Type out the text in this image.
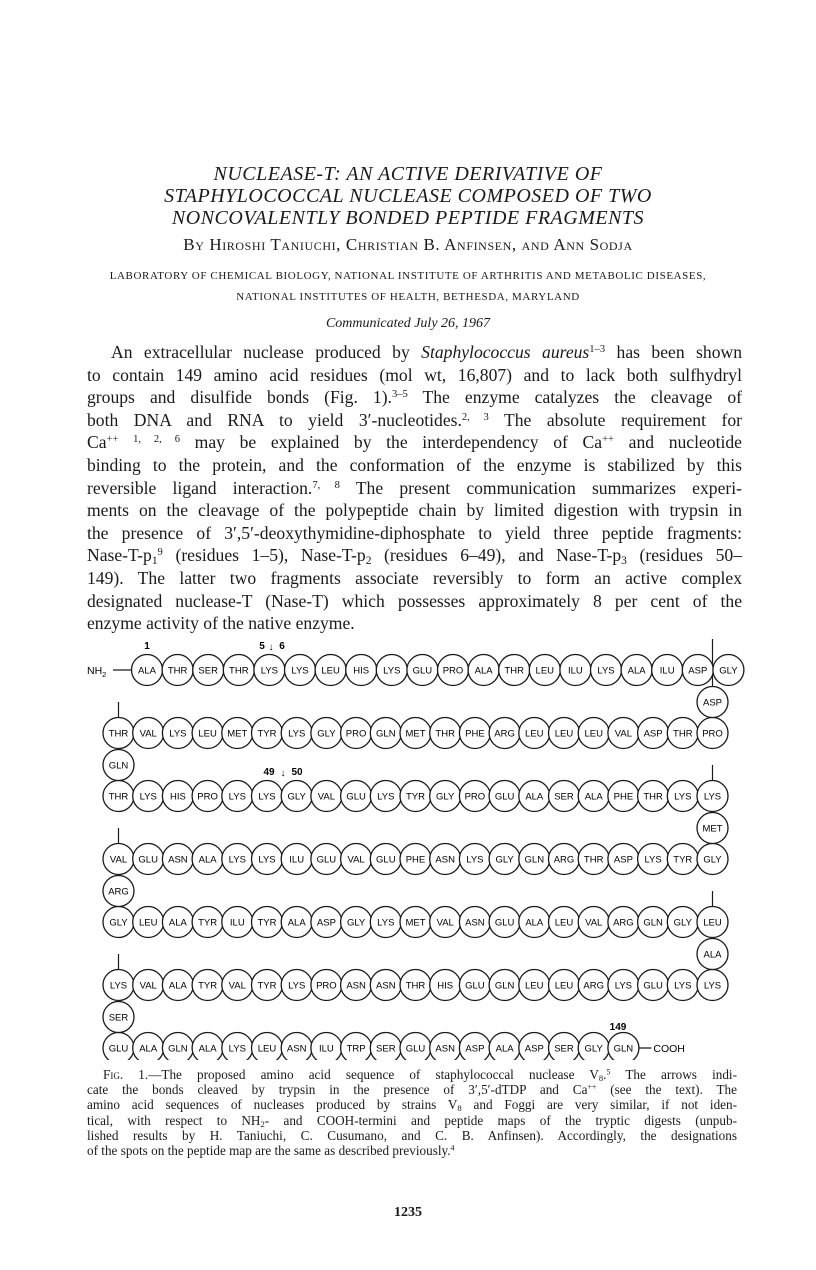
NUCLEASE-T: AN ACTIVE DERIVATIVE OF
STAPHYLOCOCCAL NUCLEASE COMPOSED OF TWO
NONCOVALENTLY BONDED PEPTIDE FRAGMENTS
By Hiroshi Taniuchi, Christian B. Anfinsen, and Ann Sodja
LABORATORY OF CHEMICAL BIOLOGY, NATIONAL INSTITUTE OF ARTHRITIS AND METABOLIC DISEASES,
NATIONAL INSTITUTES OF HEALTH, BETHESDA, MARYLAND
Communicated July 26, 1967
An extracellular nuclease produced by Staphylococcus aureus$^{1-3}$ has been shown
to contain 149 amino acid residues (mol wt, 16,807) and to lack both sulfhydryl
groups and disulfide bonds (Fig. 1).$^{3-5}$ The enzyme catalyzes the cleavage of
both DNA and RNA to yield 3′-nucleotides.$^{2, 3}$ The absolute requirement for
Ca++ $^{1, 2, 6}$ may be explained by the interdependency of Ca++ and nucleotide
binding to the protein, and the conformation of the enzyme is stabilized by this
reversible ligand interaction.$^{7, 8}$ The present communication summarizes experi-
ments on the cleavage of the polypeptide chain by limited digestion with trypsin in
the presence of 3′,5′-deoxythymidine-diphosphate to yield three peptide fragments:
Nase-$T-p_1^9$ (residues 1–5), Nase-$T-p_2$ (residues 6–49), and Nase-$T-p_3$ (residues 50–
149). The latter two fragments associate reversibly to form an active complex
designated nuclease-T (Nase-T) which possesses approximately 8 per cent of the
enzyme activity of the native enzyme.
$NH_2$
COOH
ALA THR SER THR LYS LYS LEU HIS LYS GLU PRO ALA THR LEU ILU LYS ALA ILU ASP GLY
THR VAL LYS LEU MET TYR LYS GLY PRO GLN MET THR PHE ARG LEU LEU LEU VAL ASP THR PRO
THR LYS HIS PRO LYS LYS GLY VAL GLU LYS TYR GLY PRO GLU ALA SER ALA PHE THR LYS LYS
VAL GLU ASN ALA LYS LYS ILU GLU VAL GLU PHE ASN LYS GLY GLN ARG THR ASP LYS TYR GLY
GLY LEU ALA TYR ILU TYR ALA ASP GLY LYS MET VAL ASN GLU ALA LEU VAL ARG GLN GLY LEU
LYS VAL ALA TYR VAL TYR LYS PRO ASN ASN THR HIS GLU GLN LEU LEU ARG LYS GLU LYS LYS
GLU ALA GLN ALA LYS LEU ASN ILU TRP SER GLU ASN ASP ALA ASP SER GLY GLN
ASP
GLN
MET
ARG
ALA
SER
1	5 6
↓
49 50
↓
149
Fig. 1.—The proposed amino acid sequence of staphylococcal nuclease $V_8.^5$ The arrows indi-
cate the bonds cleaved by trypsin in the presence of 3′,5′-dTDP and Ca++ (see the text). The
amino acid sequences of nucleases produced by strains $V_8$ and Foggi are very similar, if not iden-
tical, with respect to $NH_2-$ and COOH-termini and peptide maps of the tryptic digests (unpub-
lished results by H. Taniuchi, C. Cusumano, and C. B. Anfinsen). Accordingly, the designations
of the spots on the peptide map are the same as described previously.$^4$
1235
